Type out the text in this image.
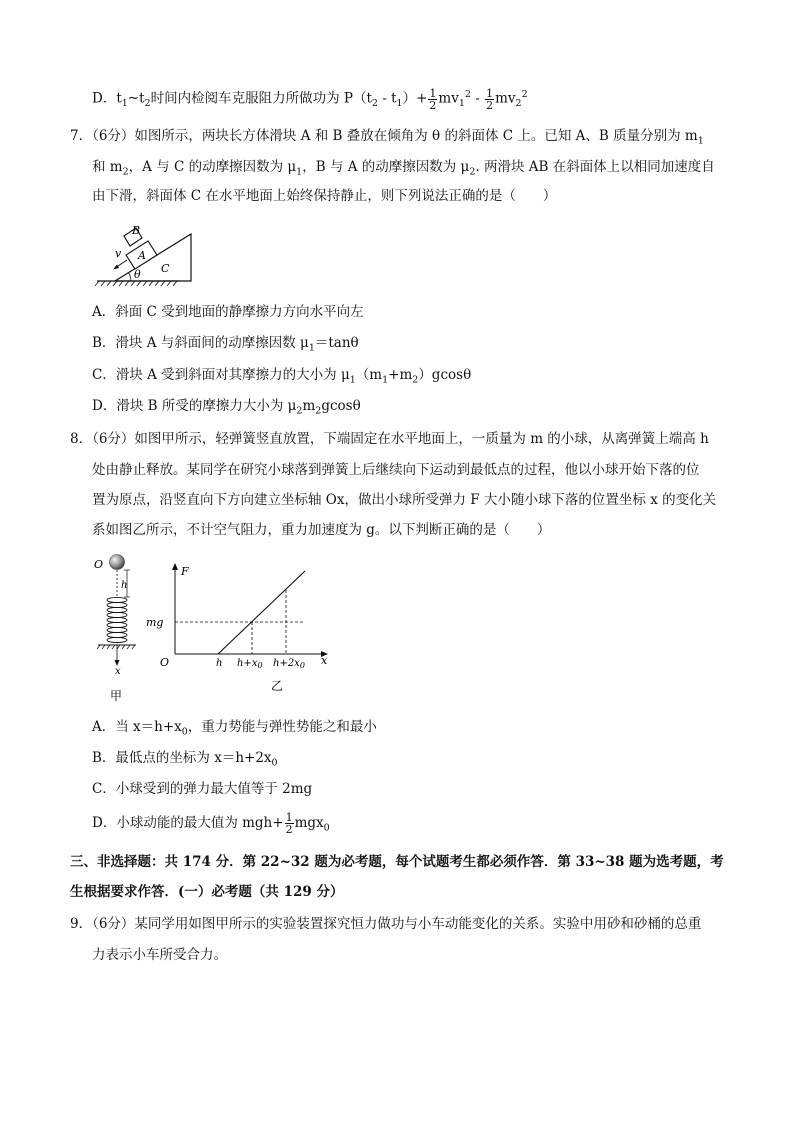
D．$t_1\sim t_2$时间内检阅车克服阻力所做功为 $P(t_2 - t_1)+ \frac{1}{2} mv_1^2 - \frac{1}{2} mv_2^2$
7．（6分）如图所示，两块长方体滑块 A 和 B 叠放在倾角为 θ 的斜面体 C 上。已知 A、B 质量分别为 $m_1$
和 $m_2$，A 与 C 的动摩擦因数为 $\mu_1$，B 与 A 的动摩擦因数为 $\mu_2$. 两滑块 AB 在斜面体上以相同加速度自
由下滑，斜面体 C 在水平地面上始终保持静止，则下列说法正确的是（　　）
B
A
v
θ C
A．斜面 C 受到地面的静摩擦力方向水平向左
B．滑块 A 与斜面间的动摩擦因数 $\mu_1=\tan\theta$
C．滑块 A 受到斜面对其摩擦力的大小为 $\mu_1(m_1+m_2)gcos\theta$
D．滑块 B 所受的摩擦力大小为 $\mu_2m_2gcos\theta$
8．（6分）如图甲所示，轻弹簧竖直放置，下端固定在水平地面上，一质量为 m 的小球，从离弹簧上端高 h
处由静止释放。某同学在研究小球落到弹簧上后继续向下运动到最低点的过程，他以小球开始下落的位
置为原点，沿竖直向下方向建立坐标轴 Ox，做出小球所受弹力 F 大小随小球下落的位置坐标 x 的变化关
系如图乙所示，不计空气阻力，重力加速度为 g。以下判断正确的是（　　）
O
h
x
甲
F
O	x
mg
h $h+x_0$ $h+2x_0$
乙
A．当 $x=h+x_0$，重力势能与弹性势能之和最小
B．最低点的坐标为 $x=h+2x_0$
C．小球受到的弹力最大值等于 2mg
D．小球动能的最大值为 $mgh+ \frac{1}{2} mgx_0$
三、非选择题：共 174 分．第 22~32 题为必考题，每个试题考生都必须作答．第 33~38 题为选考题，考
生根据要求作答．(一）必考题（共 129 分）
9．（6分）某同学用如图甲所示的实验装置探究恒力做功与小车动能变化的关系。实验中用砂和砂桶的总重
力表示小车所受合力。
